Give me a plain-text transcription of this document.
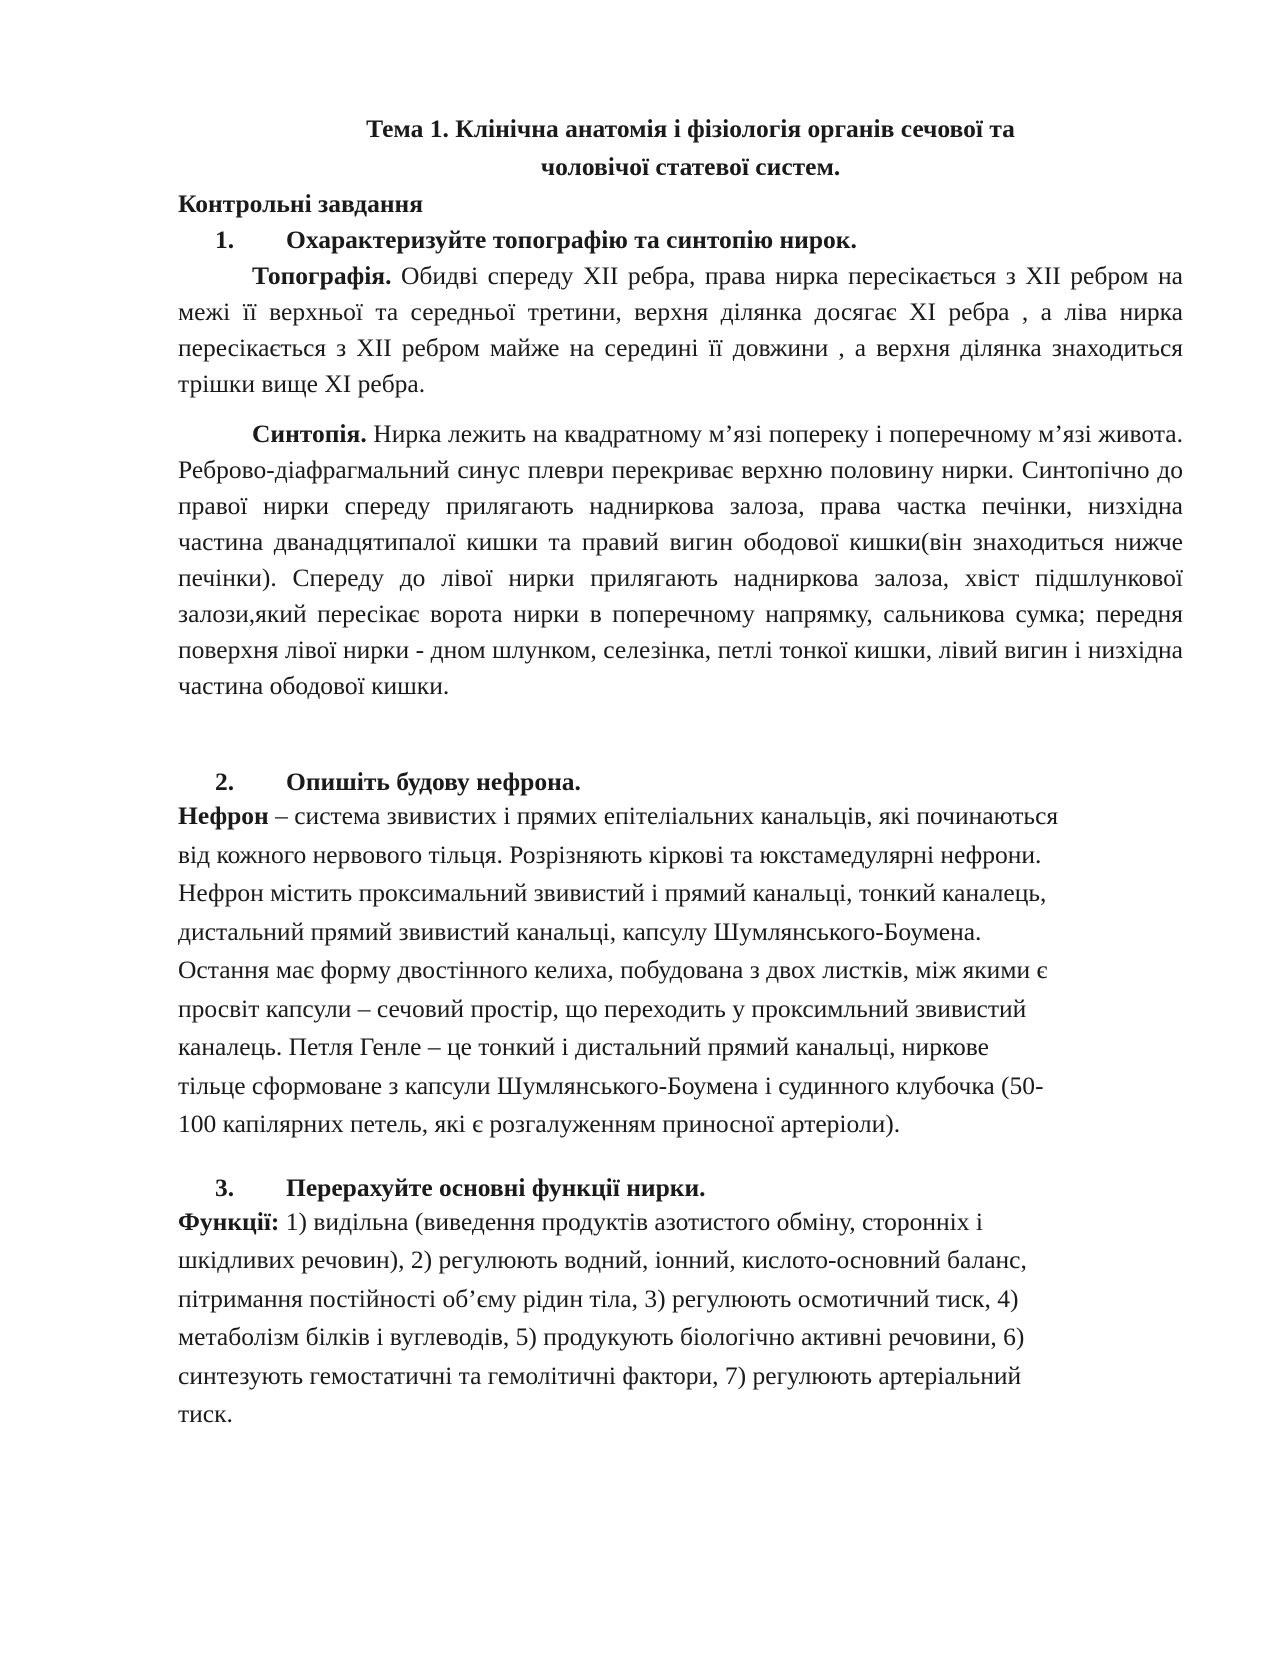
Тема 1. Клінічна анатомія і фізіологія органів сечової та
чоловічої статевої систем.

Контрольні завдання

1.	Охарактеризуйте топографію та синтопію нирок.

Топографія. Обидві спереду XII ребра, права нирка пересікається з XII ребром на межі її верхньої та середньої третини, верхня ділянка досягає XI ребра , а ліва нирка пересікається з XII ребром майже на середині її довжини , а верхня ділянка знаходиться трішки вище XI ребра.

Синтопія. Нирка лежить на квадратному м’язі попереку і поперечному м’язі живота. Реброво-діафрагмальний синус плеври перекриває верхню половину нирки. Синтопічно до правої нирки спереду прилягають надниркова залоза, права частка печінки, низхідна частина дванадцятипалої кишки та правий вигин ободової кишки(він знаходиться нижче печінки). Спереду до лівої нирки прилягають надниркова залоза, хвіст підшлункової залози,який пересікає ворота нирки в поперечному напрямку, сальникова сумка; передня поверхня лівої нирки - дном шлунком, селезінка, петлі тонкої кишки, лівий вигин і низхідна частина ободової кишки.

2.	Опишіть будову нефрона.

Нефрон – система звивистих і прямих епітеліальних канальців, які починаються
від кожного нервового тільця. Розрізняють кіркові та юкстамедулярні нефрони.
Нефрон містить проксимальний звивистий і прямий канальці, тонкий каналець,
дистальний прямий звивистий канальці, капсулу Шумлянського-Боумена.
Остання має форму двостінного келиха, побудована з двох листків, між якими є
просвіт капсули – сечовий простір, що переходить у проксимльний звивистий
каналець. Петля Генле – це тонкий і дистальний прямий канальці, ниркове
тільце сформоване з капсули Шумлянського-Боумена і судинного клубочка (50-
100 капілярних петель, які є розгалуженням приносної артеріоли).

3.	Перерахуйте основні функції нирки.

Функції: 1) видільна (виведення продуктів азотистого обміну, сторонніх і
шкідливих речовин), 2) регулюють водний, іонний, кислото-основний баланс,
пітримання постійності об’єму рідин тіла, 3) регулюють осмотичний тиск, 4)
метаболізм білків і вуглеводів, 5) продукують біологічно активні речовини, 6)
синтезують гемостатичні та гемолітичні фактори, 7) регулюють артеріальний
тиск.
